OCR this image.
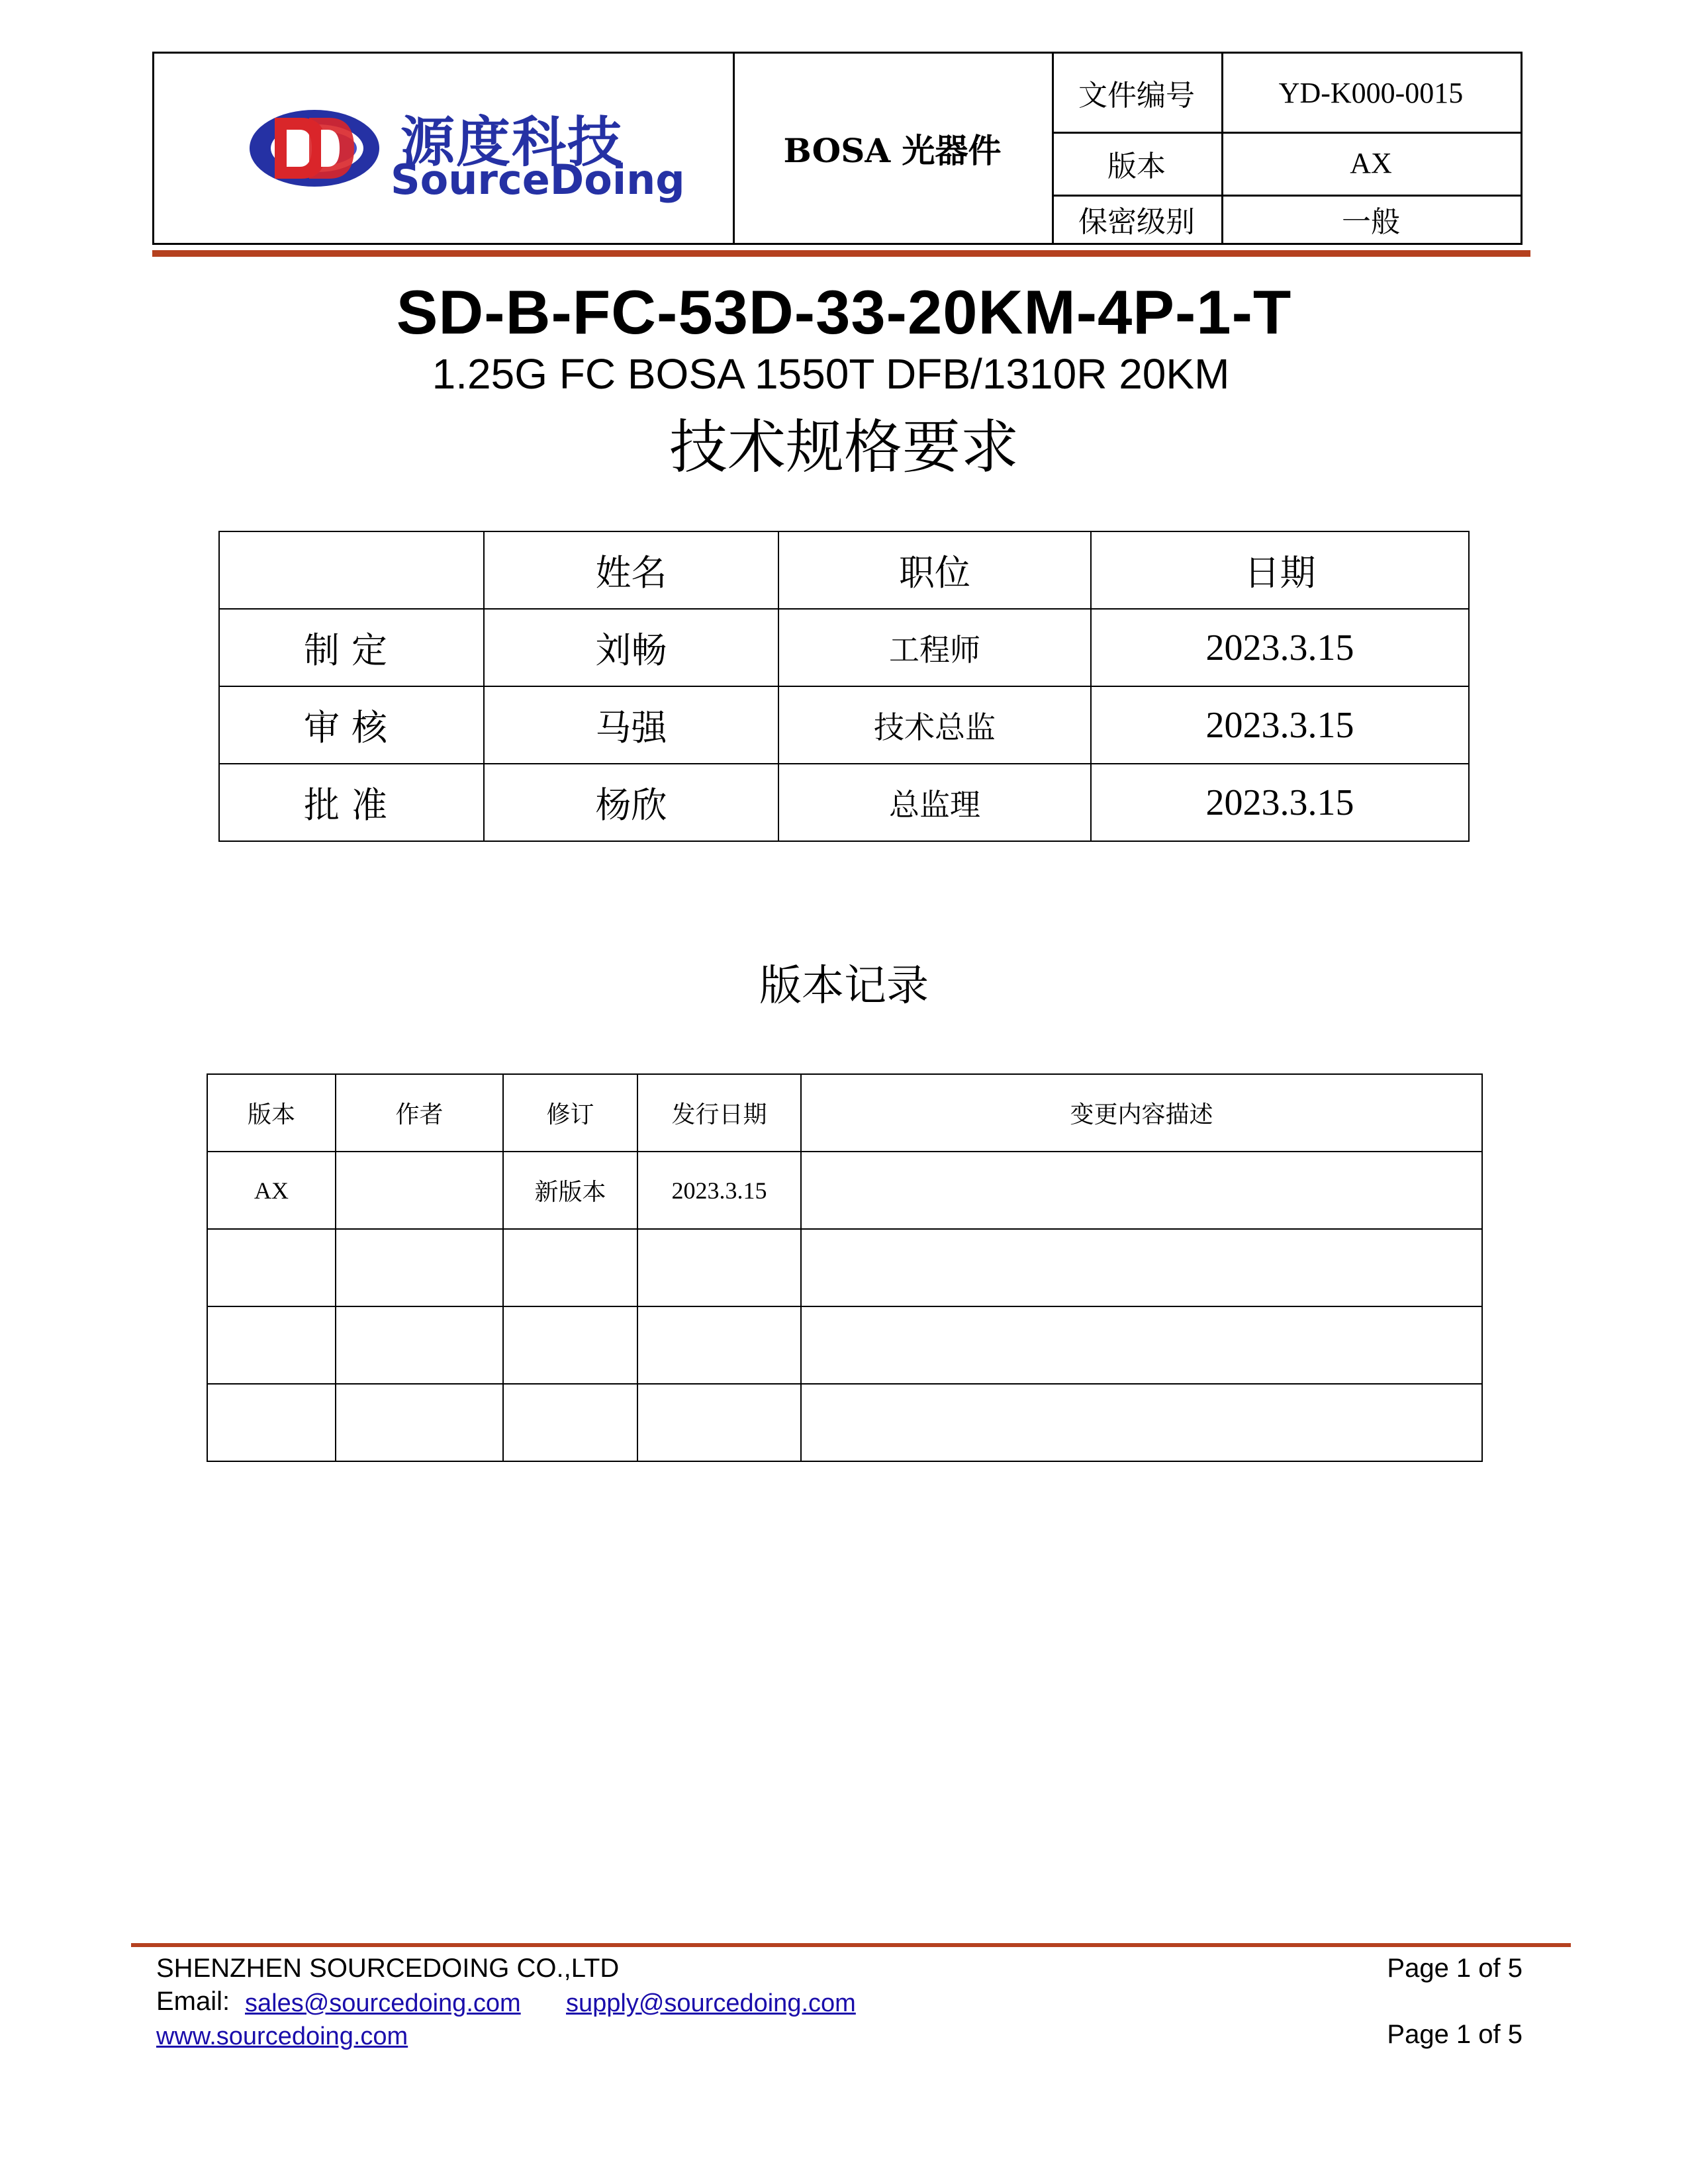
BOSA 光器件
文件编号	YD-K000-0015
版本	AX
保密级别	一般
源度科技
SourceDoing
SD-B-FC-53D-33-20KM-4P-1-T
1.25G FC BOSA 1550T DFB/1310R 20KM
技术规格要求
	姓名	职位	日期
制定	刘畅	工程师	2023.3.15
审核	马强	技术总监	2023.3.15
批准	杨欣	总监理	2023.3.15
版本记录
版本	作者	修订	发行日期	变更内容描述
AX		新版本	2023.3.15	

SHENZHEN SOURCEDOING CO.,LTD	Page 1 of 5
Email: sales@sourcedoing.com supply@sourcedoing.com
www.sourcedoing.com	Page 1 of 5
